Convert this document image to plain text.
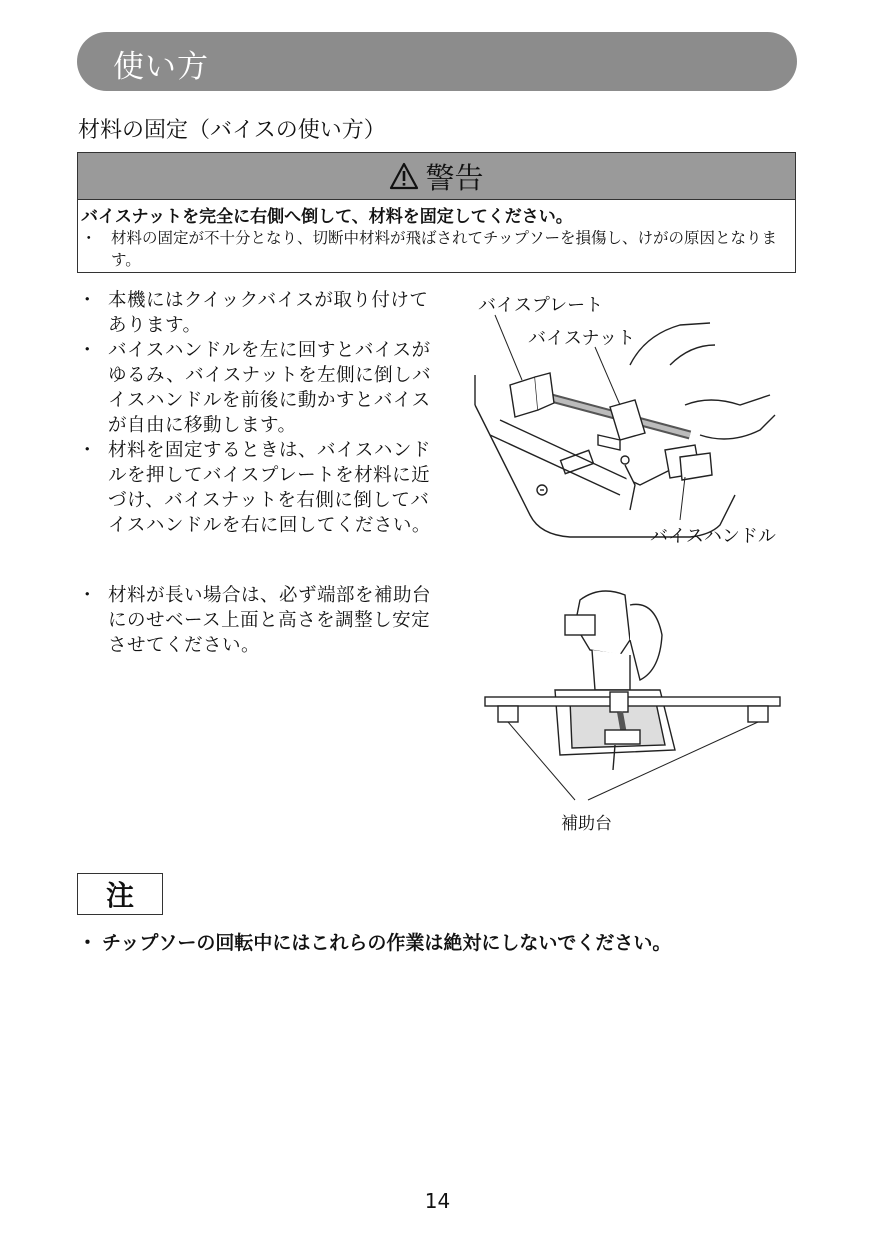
使い方
材料の固定（バイスの使い方）
警告
バイスナットを完全に右側へ倒して、材料を固定してください。
・ 材料の固定が不十分となり、切断中材料が飛ばされてチップソーを損傷し、けがの原因となります。
・ 本機にはクイックバイスが取り付けてあります。
・ バイスハンドルを左に回すとバイスがゆるみ、バイスナットを左側に倒しバイスハンドルを前後に動かすとバイスが自由に移動します。
・ 材料を固定するときは、バイスハンドルを押してバイスプレートを材料に近づけ、バイスナットを右側に倒してバイスハンドルを右に回してください。
・ 材料が長い場合は、必ず端部を補助台にのせベース上面と高さを調整し安定させてください。
バイスプレート
バイスナット
バイスハンドル
補助台
注
・ チップソーの回転中にはこれらの作業は絶対にしないでください。
14
